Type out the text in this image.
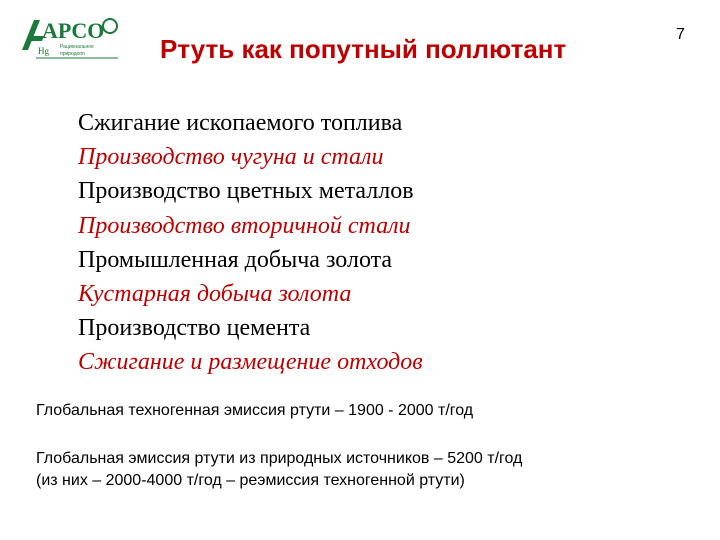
APCO
Hg Рациональное
природопо	Ртуть как попутный поллютант	7
Сжигание ископаемого топлива
Производство чугуна и стали
Производство цветных металлов
Производство вторичной стали
Промышленная добыча золота
Кустарная добыча золота
Производство цемента
Сжигание и размещение отходов
Глобальная техногенная эмиссия ртути – 1900 - 2000 т/год
Глобальная эмиссия ртути из природных источников – 5200 т/год
(из них – 2000-4000 т/год – реэмиссия техногенной ртути)
